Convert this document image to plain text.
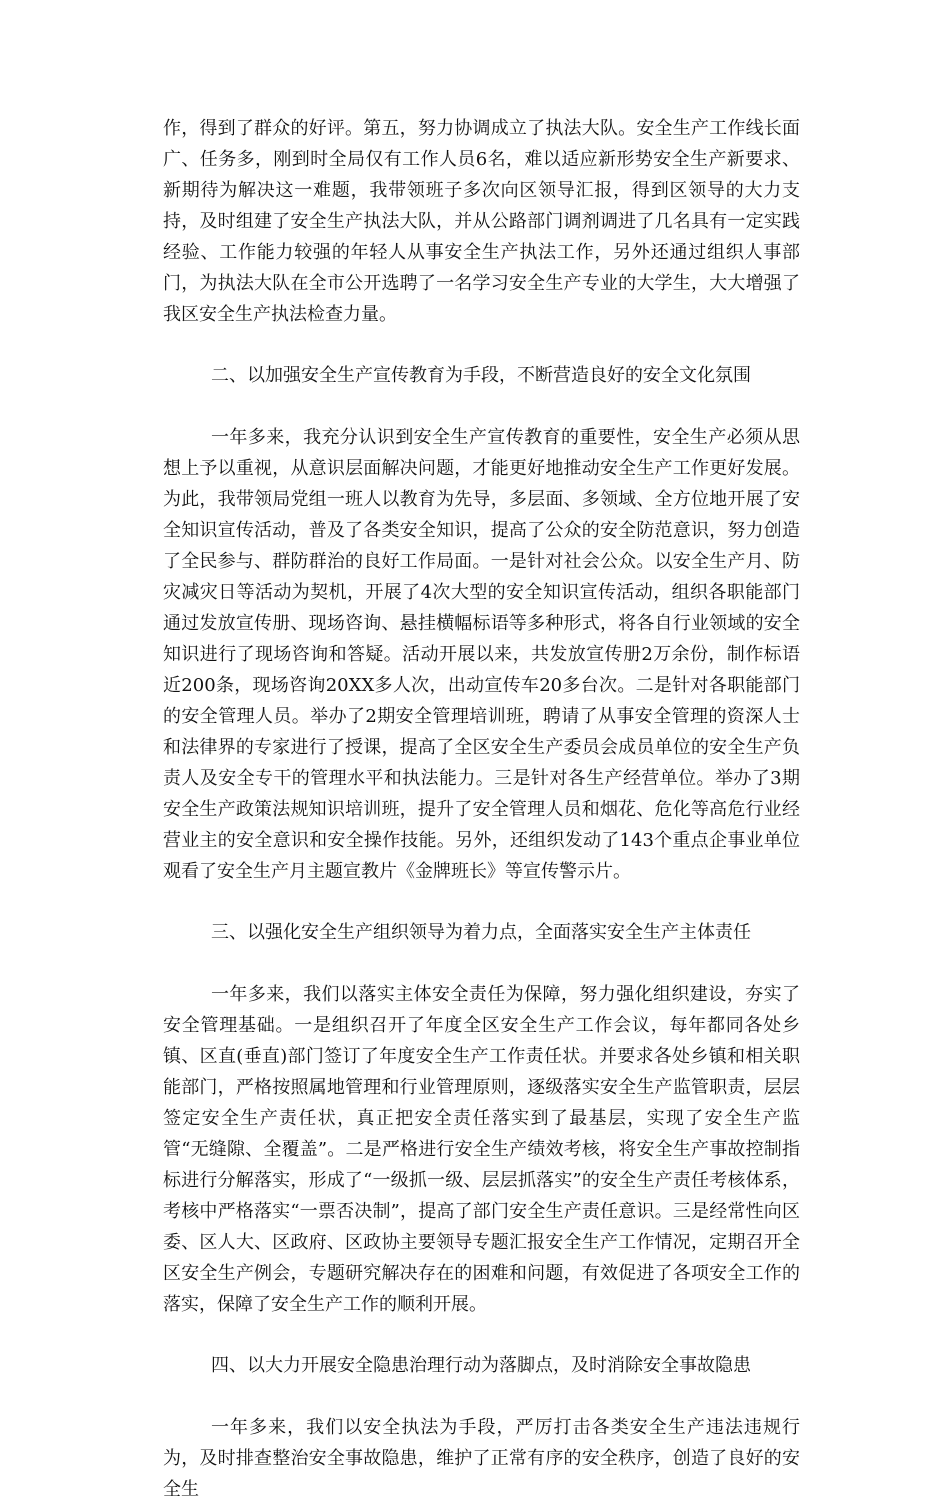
作，得到了群众的好评。第五，努力协调成立了执法大队。安全生产工作线长面广、任务多，刚到时全局仅有工作人员6名，难以适应新形势安全生产新要求、新期待为解决这一难题，我带领班子多次向区领导汇报，得到区领导的大力支持，及时组建了安全生产执法大队，并从公路部门调剂调进了几名具有一定实践经验、工作能力较强的年轻人从事安全生产执法工作，另外还通过组织人事部门，为执法大队在全市公开选聘了一名学习安全生产专业的大学生，大大增强了我区安全生产执法检查力量。

二、以加强安全生产宣传教育为手段，不断营造良好的安全文化氛围

一年多来，我充分认识到安全生产宣传教育的重要性，安全生产必须从思想上予以重视，从意识层面解决问题，才能更好地推动安全生产工作更好发展。为此，我带领局党组一班人以教育为先导，多层面、多领域、全方位地开展了安全知识宣传活动，普及了各类安全知识，提高了公众的安全防范意识，努力创造了全民参与、群防群治的良好工作局面。一是针对社会公众。以安全生产月、防灾减灾日等活动为契机，开展了4次大型的安全知识宣传活动，组织各职能部门通过发放宣传册、现场咨询、悬挂横幅标语等多种形式，将各自行业领域的安全知识进行了现场咨询和答疑。活动开展以来，共发放宣传册2万余份，制作标语近200条，现场咨询20XX多人次，出动宣传车20多台次。二是针对各职能部门的安全管理人员。举办了2期安全管理培训班，聘请了从事安全管理的资深人士和法律界的专家进行了授课，提高了全区安全生产委员会成员单位的安全生产负责人及安全专干的管理水平和执法能力。三是针对各生产经营单位。举办了3期安全生产政策法规知识培训班，提升了安全管理人员和烟花、危化等高危行业经营业主的安全意识和安全操作技能。另外，还组织发动了143个重点企事业单位观看了安全生产月主题宣教片《金牌班长》等宣传警示片。

三、以强化安全生产组织领导为着力点，全面落实安全生产主体责任

一年多来，我们以落实主体安全责任为保障，努力强化组织建设，夯实了安全管理基础。一是组织召开了年度全区安全生产工作会议，每年都同各处乡镇、区直(垂直)部门签订了年度安全生产工作责任状。并要求各处乡镇和相关职能部门，严格按照属地管理和行业管理原则，逐级落实安全生产监管职责，层层签定安全生产责任状，真正把安全责任落实到了最基层，实现了安全生产监管“无缝隙、全覆盖”。二是严格进行安全生产绩效考核，将安全生产事故控制指标进行分解落实，形成了“一级抓一级、层层抓落实”的安全生产责任考核体系，考核中严格落实“一票否决制”，提高了部门安全生产责任意识。三是经常性向区委、区人大、区政府、区政协主要领导专题汇报安全生产工作情况，定期召开全区安全生产例会，专题研究解决存在的困难和问题，有效促进了各项安全工作的落实，保障了安全生产工作的顺利开展。

四、以大力开展安全隐患治理行动为落脚点，及时消除安全事故隐患

一年多来，我们以安全执法为手段，严厉打击各类安全生产违法违规行为，及时排查整治安全事故隐患，维护了正常有序的安全秩序，创造了良好的安全生
